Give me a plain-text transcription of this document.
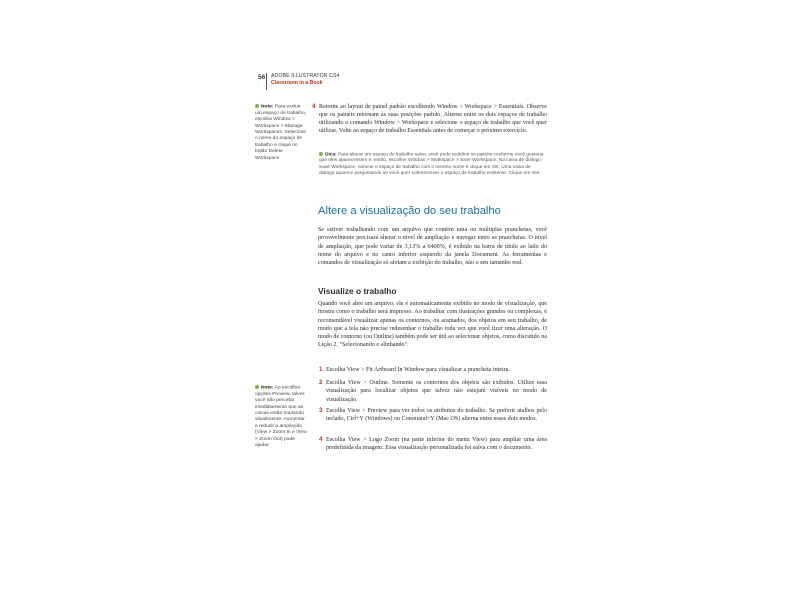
56 ADOBE ILLUSTRATOR CS4
Classroom in a Book
Note: Para excluir um espaço de trabalho, escolha Window > Workspace > Manage Workspaces. Selecione o nome do espaço de trabalho e clique no botão Delete Workspace.
4 Retorne ao layout de painel padrão escolhendo Window > Workspace > Essentials. Observe que os painéis retornam às suas posições padrão. Alterne entre os dois espaços de trabalho utilizando o comando Window > Workspace e selecione o espaço de trabalho que você quer utilizar. Volte ao espaço de trabalho Essentials antes de começar o próximo exercício.
Dica: Para alterar um espaço de trabalho salvo, você pode redefinir os painéis conforme você gostaria que eles aparecessem e, então, escolher Window > Workspace > Save Workspace. Na caixa de diálogo Save Workspace, nomeie o espaço de trabalho com o mesmo nome e clique em OK. Uma caixa de diálogo aparece perguntando se você quer sobrescrever o espaço de trabalho existente. Clique em Yes.
Altere a visualização do seu trabalho
Se estiver trabalhando com um arquivo que contém uma ou múltiplas pranchetas, você provavelmente precisará alterar o nível de ampliação e navegar entre as pranchetas. O nível de ampliação, que pode variar de 3,13% a 6400%, é exibido na barra de título ao lado do nome do arquivo e no canto inferior esquerdo da janela Document. As ferramentas e comandos de visualização só afetam a exibição do trabalho, não o seu tamanho real.
Visualize o trabalho
Quando você abre um arquivo, ele é automaticamente exibido no modo de visualização, que mostra como o trabalho será impresso. Ao trabalhar com ilustrações grandes ou complexas, é recomendável visualizar apenas os contornos, ou aramados, dos objetos em seu trabalho, de modo que a tela não precise redesenhar o trabalho toda vez que você fizer uma alteração. O modo de contorno (ou Outline) também pode ser útil ao selecionar objetos, como discutido na Lição 2, "Selecionando e alinhando".
1 Escolha View > Fit Artboard In Window para visualizar a prancheta inteira.
2 Escolha View > Outline. Somente os contornos dos objetos são exibidos. Utilize essa visualização para localizar objetos que talvez não estejam visíveis no modo de visualização.
3 Escolha View > Preview para ver todos os atributos do trabalho. Se preferir atalhos pelo teclado, Ctrl+Y (Windows) ou Command+Y (Mac OS) alterna entre esses dois modos.
4 Escolha View > Logo Zoom (na parte inferior do menu View) para ampliar uma área predefinida da imagem. Essa visualização personalizada foi salva com o documento.
Note: Ao escolher opções Preview, talvez você não perceba imediatamente que as coisas estão mudando visualmente. Aumentar e reduzir a ampliação (View > Zoom In e View > Zoom Out) pode ajudar.
